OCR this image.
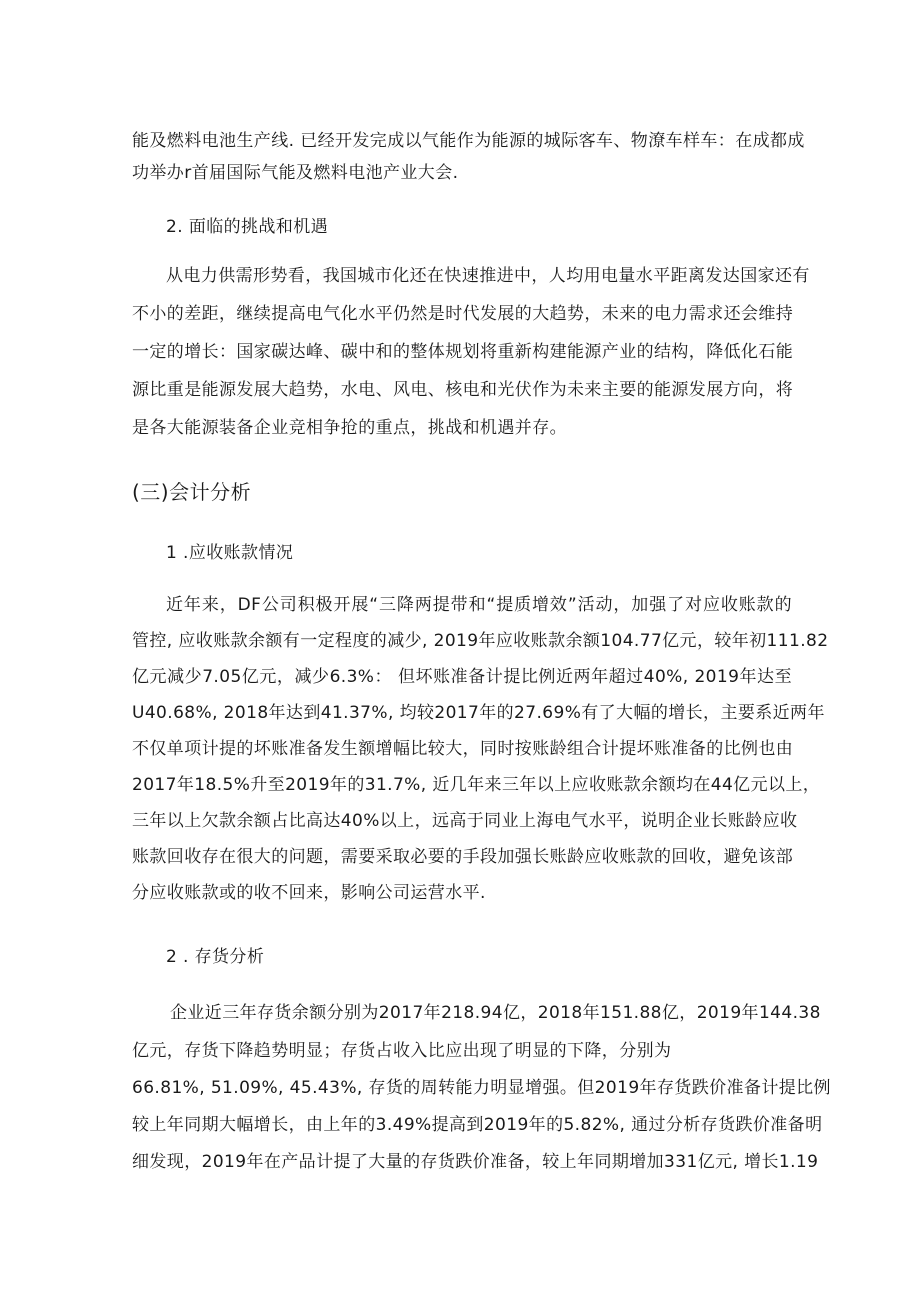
能及燃料电池生产线. 已经开发完成以气能作为能源的城际客车、物潦车样车：在成都成
功举办r首届国际气能及燃料电池产业大会.
2. 面临的挑战和机遇
从电力供需形势看，我国城市化还在快速推进中，人均用电量水平距离发达国家还有
不小的差距，继续提高电气化水平仍然是时代发展的大趋势，未来的电力需求还会维持
一定的增长：国家碳达峰、碳中和的整体规划将重新构建能源产业的结构，降低化石能
源比重是能源发展大趋势，水电、风电、核电和光伏作为未来主要的能源发展方向，将
是各大能源装备企业竞相争抢的重点，挑战和机遇并存。
(三)会计分析
1 .应收账款情况
近年来，DF公司积极开展“三降两提带和“提质增效”活动，加强了对应收账款的
管控, 应收账款余额有一定程度的减少, 2019年应收账款余额104.77亿元，较年初111.82
亿元减少7.05亿元，减少6.3%： 但坏账准备计提比例近两年超过40%, 2019年达至
U40.68%, 2018年达到41.37%, 均较2017年的27.69%有了大幅的增长，主要系近两年
不仅单项计提的坏账准备发生额增幅比较大，同时按账龄组合计提坏账准备的比例也由
2017年18.5%升至2019年的31.7%, 近几年来三年以上应收账款余额均在44亿元以上，
三年以上欠款余额占比高达40%以上，远高于同业上海电气水平，说明企业长账龄应收
账款回收存在很大的问题，需要采取必要的手段加强长账龄应收账款的回收，避免该部
分应收账款或的收不回来，影响公司运营水平.
2 . 存货分析
企业近三年存货余额分别为2017年218.94亿，2018年151.88亿，2019年144.38
亿元，存货下降趋势明显；存货占收入比应出现了明显的下降，分别为
66.81%, 51.09%, 45.43%, 存货的周转能力明显增强。但2019年存货跌价准备计提比例
较上年同期大幅增长，由上年的3.49%提高到2019年的5.82%, 通过分析存货跌价准备明
细发现，2019年在产品计提了大量的存货跌价准备，较上年同期增加331亿元, 增长1.19
